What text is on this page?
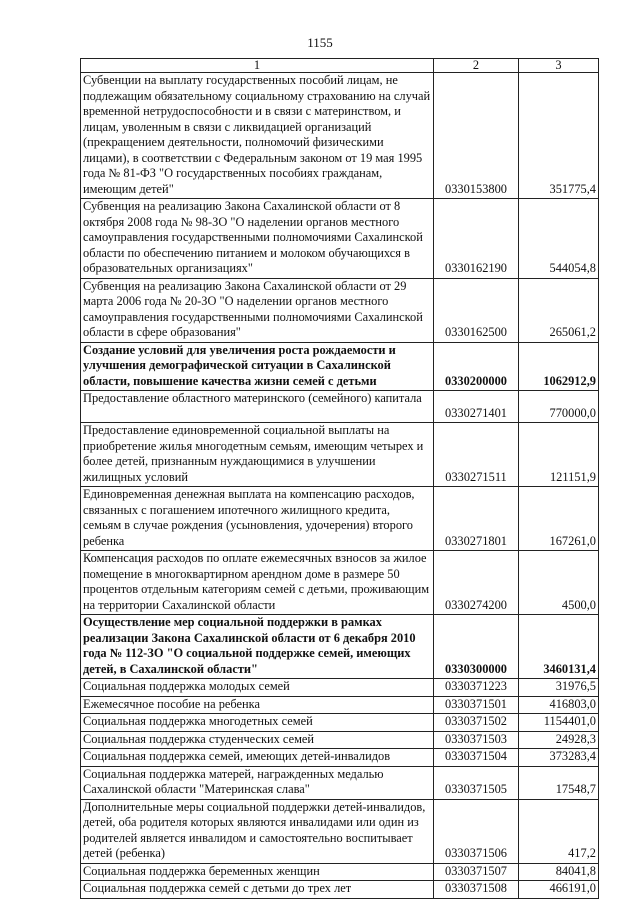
1155
1	2	3
Субвенции на выплату государственных пособий лицам, не подлежащим обязательному социальному страхованию на случай временной нетрудоспособности и в связи с материнством, и лицам, уволенным в связи с ликвидацией организаций (прекращением деятельности, полномочий физическими лицами), в соответствии с Федеральным законом от 19 мая 1995 года № 81-ФЗ "О государственных пособиях гражданам, имеющим детей"	0330153800	351775,4
Субвенция на реализацию Закона Сахалинской области от 8 октября 2008 года № 98-ЗО "О наделении органов местного самоуправления государственными полномочиями Сахалинской области по обеспечению питанием и молоком обучающихся в образовательных организациях"	0330162190	544054,8
Субвенция на реализацию Закона Сахалинской области от 29 марта 2006 года № 20-ЗО "О наделении органов местного самоуправления государственными полномочиями Сахалинской области в сфере образования"	0330162500	265061,2
Создание условий для увеличения роста рождаемости и улучшения демографической ситуации в Сахалинской области, повышение качества жизни семей с детьми	0330200000	1062912,9
Предоставление областного материнского (семейного) капитала	0330271401	770000,0
Предоставление единовременной социальной выплаты на приобретение жилья многодетным семьям, имеющим четырех и более детей, признанным нуждающимися в улучшении жилищных условий	0330271511	121151,9
Единовременная денежная выплата на компенсацию расходов, связанных с погашением ипотечного жилищного кредита, семьям в случае рождения (усыновления, удочерения) второго ребенка	0330271801	167261,0
Компенсация расходов по оплате ежемесячных взносов за жилое помещение в многоквартирном арендном доме в размере 50 процентов отдельным категориям семей с детьми, проживающим на территории Сахалинской области	0330274200	4500,0
Осуществление мер социальной поддержки в рамках реализации Закона Сахалинской области от 6 декабря 2010 года № 112-ЗО "О социальной поддержке семей, имеющих детей, в Сахалинской области"	0330300000	3460131,4
Социальная поддержка молодых семей	0330371223	31976,5
Ежемесячное пособие на ребенка	0330371501	416803,0
Социальная поддержка многодетных семей	0330371502	1154401,0
Социальная поддержка студенческих семей	0330371503	24928,3
Социальная поддержка семей, имеющих детей-инвалидов	0330371504	373283,4
Социальная поддержка матерей, награжденных медалью Сахалинской области "Материнская слава"	0330371505	17548,7
Дополнительные меры социальной поддержки детей-инвалидов, детей, оба родителя которых являются инвалидами или один из родителей является инвалидом и самостоятельно воспитывает детей (ребенка)	0330371506	417,2
Социальная поддержка беременных женщин	0330371507	84041,8
Социальная поддержка семей с детьми до трех лет	0330371508	466191,0
